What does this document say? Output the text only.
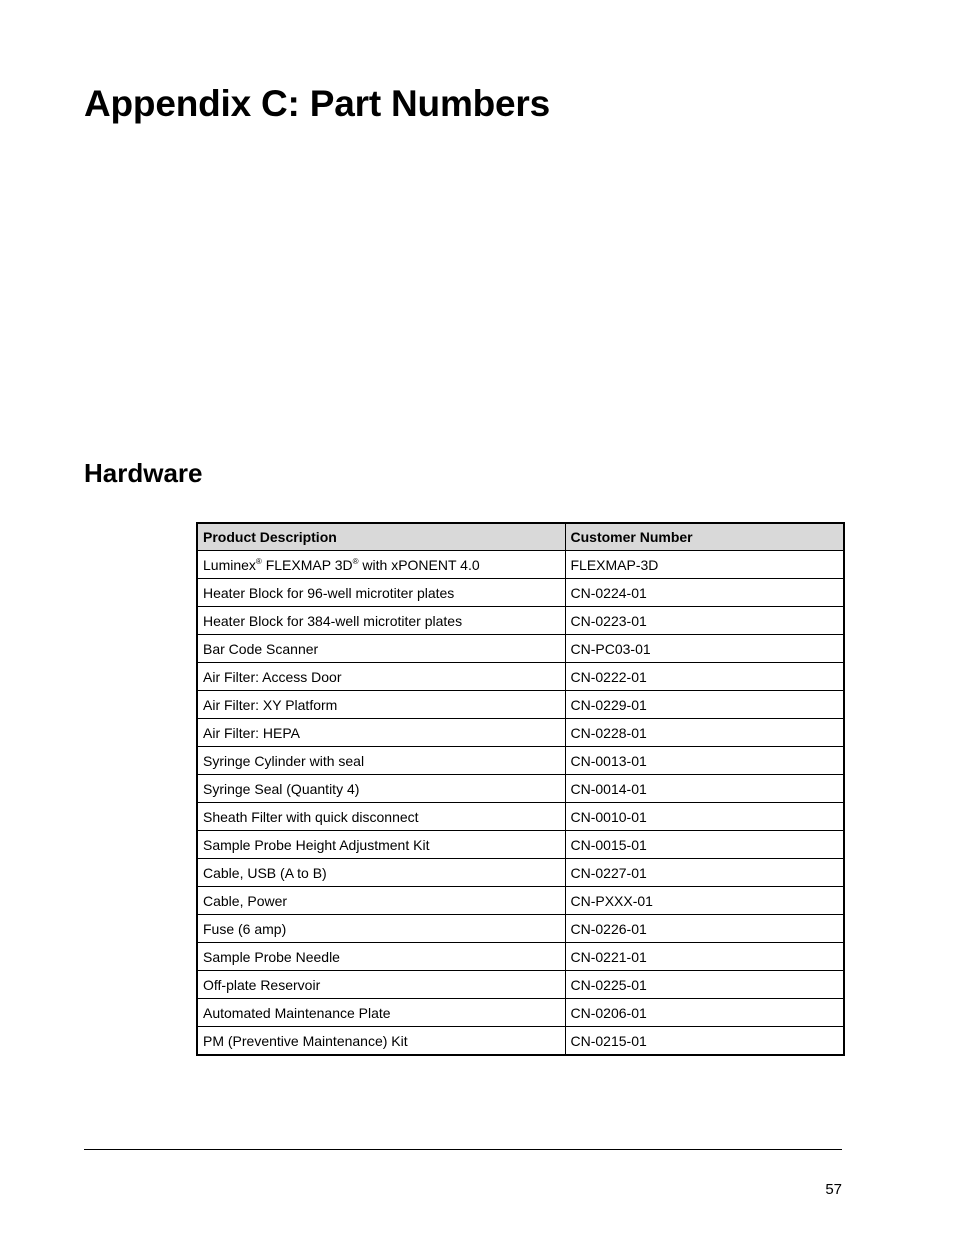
Appendix C: Part Numbers
Hardware
Product Description	Customer Number
Luminex® FLEXMAP 3D® with xPONENT 4.0	FLEXMAP-3D
Heater Block for 96-well microtiter plates	CN-0224-01
Heater Block for 384-well microtiter plates	CN-0223-01
Bar Code Scanner	CN-PC03-01
Air Filter: Access Door	CN-0222-01
Air Filter: XY Platform	CN-0229-01
Air Filter: HEPA	CN-0228-01
Syringe Cylinder with seal	CN-0013-01
Syringe Seal (Quantity 4)	CN-0014-01
Sheath Filter with quick disconnect	CN-0010-01
Sample Probe Height Adjustment Kit	CN-0015-01
Cable, USB (A to B)	CN-0227-01
Cable, Power	CN-PXXX-01
Fuse (6 amp)	CN-0226-01
Sample Probe Needle	CN-0221-01
Off-plate Reservoir	CN-0225-01
Automated Maintenance Plate	CN-0206-01
PM (Preventive Maintenance) Kit	CN-0215-01
57
